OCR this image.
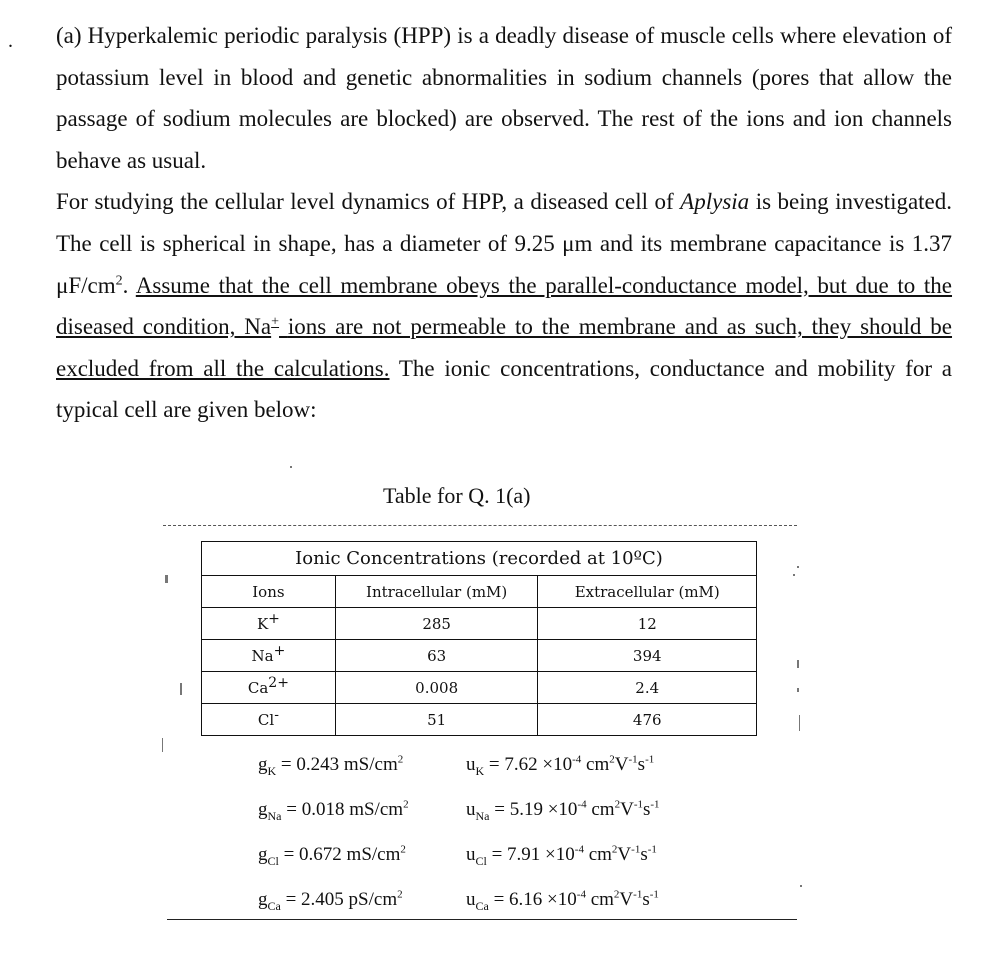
. (a) Hyperkalemic periodic paralysis (HPP) is a deadly disease of muscle cells where elevation of potassium level in blood and genetic abnormalities in sodium channels (pores that allow the passage of sodium molecules are blocked) are observed. The rest of the ions and ion channels behave as usual.

For studying the cellular level dynamics of HPP, a diseased cell of Aplysia is being investigated. The cell is spherical in shape, has a diameter of 9.25 μm and its membrane capacitance is 1.37 $\mu F/cm^2$. Assume that the cell membrane obeys the parallel-conductance model, but due to the diseased condition, Na+ ions are not permeable to the membrane and as such, they should be excluded from all the calculations. The ionic concentrations, conductance and mobility for a typical cell are given below:

Table for Q. 1(a)
Ionic Concentrations (recorded at 10ºC)		
Ions	Intracellular (mM)	Extracellular (mM)
K+	285	12
Na+	63	394
$Ca^{2+}$	0.008	2.4
Cl-	51	476
$g_K = 0.243$ $mS/cm^2$	$u_K = 7.62 \times 10^{-4}$ $cm^2V^{-1}s^{-1}$
$g_{Na} = 0.018$ $mS/cm^2$	$u_{Na} = 5.19 \times 10^{-4}$ $cm^2V^{-1}s^{-1}$
$g_{Cl} = 0.672$ $mS/cm^2$	$u_{Cl} = 7.91 \times 10^{-4}$ $cm^2V^{-1}s^{-1}$
$g_{Ca} = 2.405$ $pS/cm^2$	$u_{Ca} = 6.16 \times 10^{-4}$ $cm^2V^{-1}s^{-1}$
